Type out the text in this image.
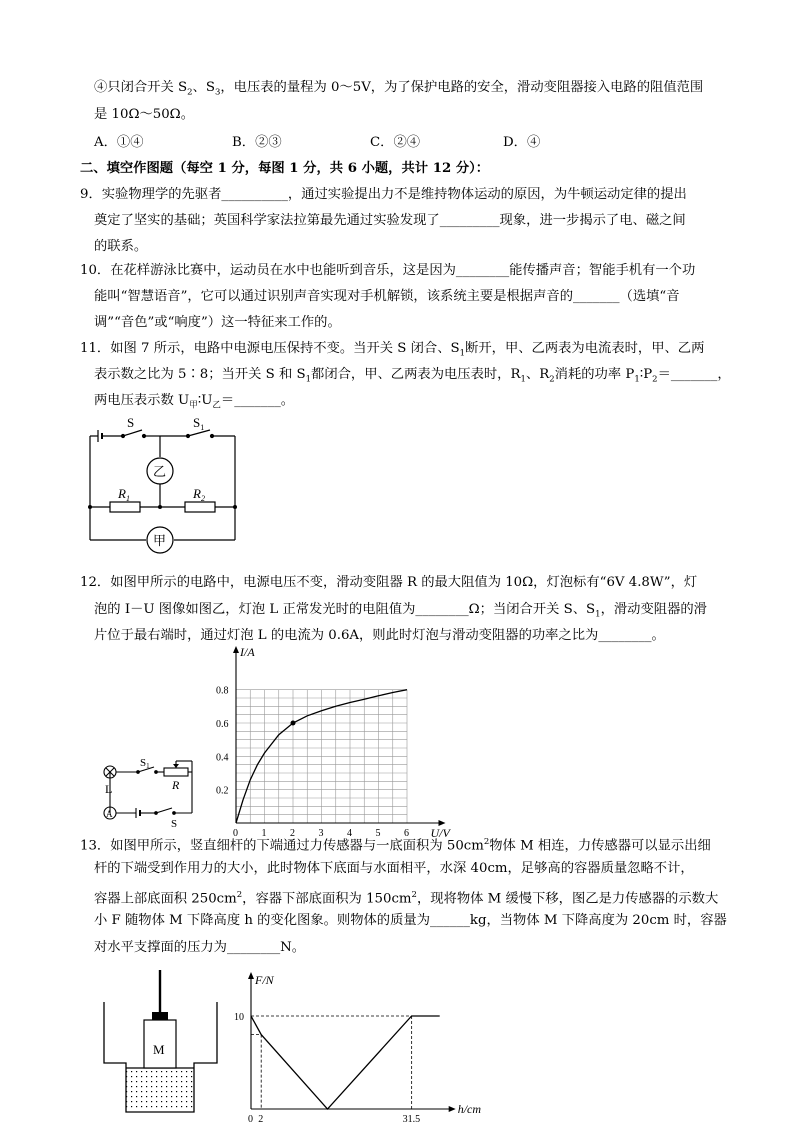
④只闭合开关 $S_2$、$S_3$，电压表的量程为 0～5V，为了保护电路的安全，滑动变阻器接入电路的阻值范围
是 10Ω～50Ω。
A．①④	B．②③	C．②④	D．④
二、填空作图题（每空 1 分，每图 1 分，共 6 小题，共计 12 分）：
9．实验物理学的先驱者__________，通过实验提出力不是维持物体运动的原因，为牛顿运动定律的提出
奠定了坚实的基础；英国科学家法拉第最先通过实验发现了_________现象，进一步揭示了电、磁之间
的联系。
10．在花样游泳比赛中，运动员在水中也能听到音乐，这是因为________能传播声音；智能手机有一个功
能叫“智慧语音”，它可以通过识别声音实现对手机解锁，该系统主要是根据声音的_______（选填“音
调”“音色”或“响度”）这一特征来工作的。
11．如图 7 所示，电路中电源电压保持不变。当开关 S 闭合、$S_1$断开，甲、乙两表为电流表时，甲、乙两
表示数之比为 5∶8；当开关 S 和 $S_1$都闭合，甲、乙两表为电压表时，$R_1$、$R_2$消耗的功率 $P_1∶P_2=\_\_\_\_\_\_\_$，
两电压表示数 $U_甲∶U_乙=\_\_\_\_\_\_\_$。
S	$S_1$
乙
$R_1$	$R_2$
甲
12．如图甲所示的电路中，电源电压不变，滑动变阻器 R 的最大阻值为 10Ω，灯泡标有“6V 4.8W”，灯
泡的 I－U 图像如图乙，灯泡 L 正常发光时的电阻值为________Ω；当闭合开关 S、$S_1$，滑动变阻器的滑
片位于最右端时，通过灯泡 L 的电流为 0.6A，则此时灯泡与滑动变阻器的功率之比为________。
L
A
S1
R
S
0 1 2 3 4 5 6
0.2
0.4
0.6
0.8
I/A
U/V
13．如图甲所示，竖直细杆的下端通过力传感器与一底面积为 $50cm^2$物体 M 相连，力传感器可以显示出细
杆的下端受到作用力的大小，此时物体下底面与水面相平，水深 40cm，足够高的容器质量忽略不计，
容器上部底面积 $250cm^2$，容器下部底面积为 $150cm^2$，现将物体 M 缓慢下移，图乙是力传感器的示数大
小 F 随物体 M 下降高度 h 的变化图象。则物体的质量为______kg，当物体 M 下降高度为 20cm 时，容器
对水平支撑面的压力为________N。
M
0 2	31.5
10
F/N
h/cm
